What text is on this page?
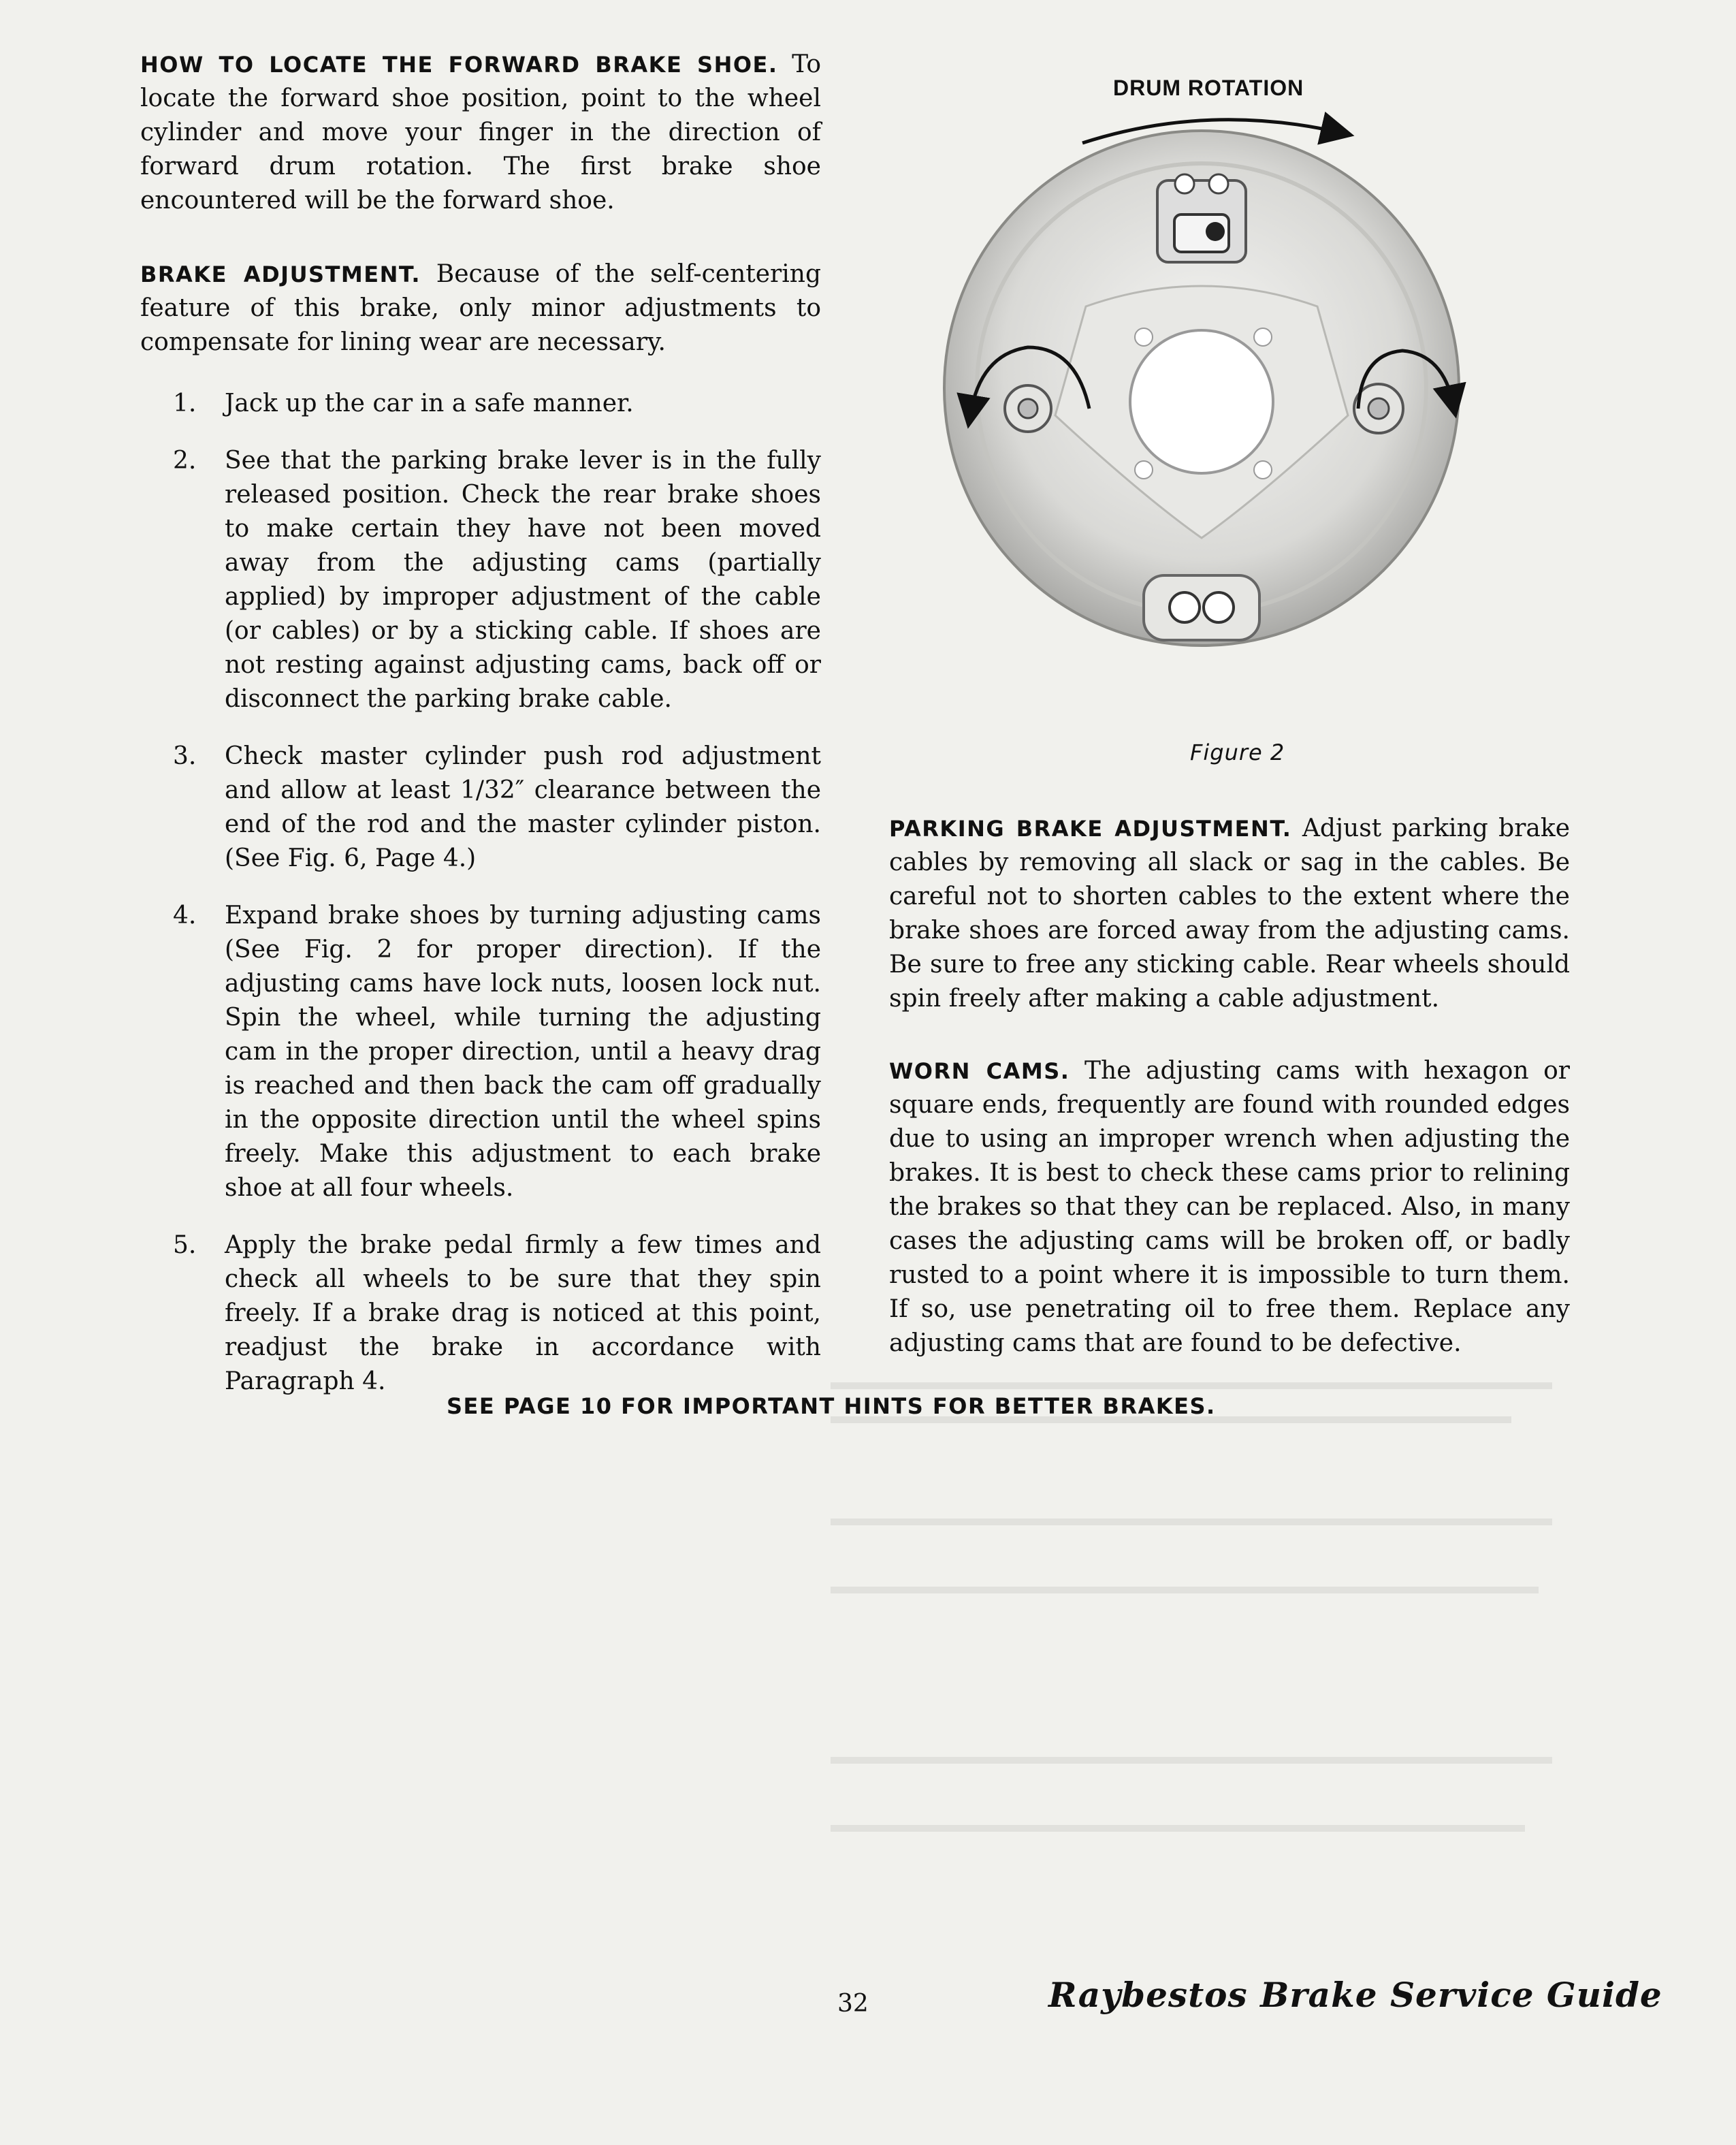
HOW TO LOCATE THE FORWARD BRAKE SHOE. To locate the forward shoe position, point to the wheel cylinder and move your finger in the direction of forward drum rotation. The first brake shoe encountered will be the forward shoe.

BRAKE ADJUSTMENT. Because of the self-centering feature of this brake, only minor adjustments to compensate for lining wear are necessary.

1. Jack up the car in a safe manner.
2. See that the parking brake lever is in the fully released position. Check the rear brake shoes to make certain they have not been moved away from the adjusting cams (partially applied) by improper adjustment of the cable (or cables) or by a sticking cable. If shoes are not resting against adjusting cams, back off or disconnect the parking brake cable.
3. Check master cylinder push rod adjustment and allow at least 1/32″ clearance between the end of the rod and the master cylinder piston. (See Fig. 6, Page 4.)
4. Expand brake shoes by turning adjusting cams (See Fig. 2 for proper direction). If the adjusting cams have lock nuts, loosen lock nut. Spin the wheel, while turning the adjusting cam in the proper direction, until a heavy drag is reached and then back the cam off gradually in the opposite direction until the wheel spins freely. Make this adjustment to each brake shoe at all four wheels.
5. Apply the brake pedal firmly a few times and check all wheels to be sure that they spin freely. If a brake drag is noticed at this point, readjust the brake in accordance with Paragraph 4.
DRUM ROTATION
Figure 2

PARKING BRAKE ADJUSTMENT. Adjust parking brake cables by removing all slack or sag in the cables. Be careful not to shorten cables to the extent where the brake shoes are forced away from the adjusting cams. Be sure to free any sticking cable. Rear wheels should spin freely after making a cable adjustment.

WORN CAMS. The adjusting cams with hexagon or square ends, frequently are found with rounded edges due to using an improper wrench when adjusting the brakes. It is best to check these cams prior to relining the brakes so that they can be replaced. Also, in many cases the adjusting cams will be broken off, or badly rusted to a point where it is impossible to turn them. If so, use penetrating oil to free them. Replace any adjusting cams that are found to be defective.

SEE PAGE 10 FOR IMPORTANT HINTS FOR BETTER BRAKES.
32	Raybestos Brake Service Guide
